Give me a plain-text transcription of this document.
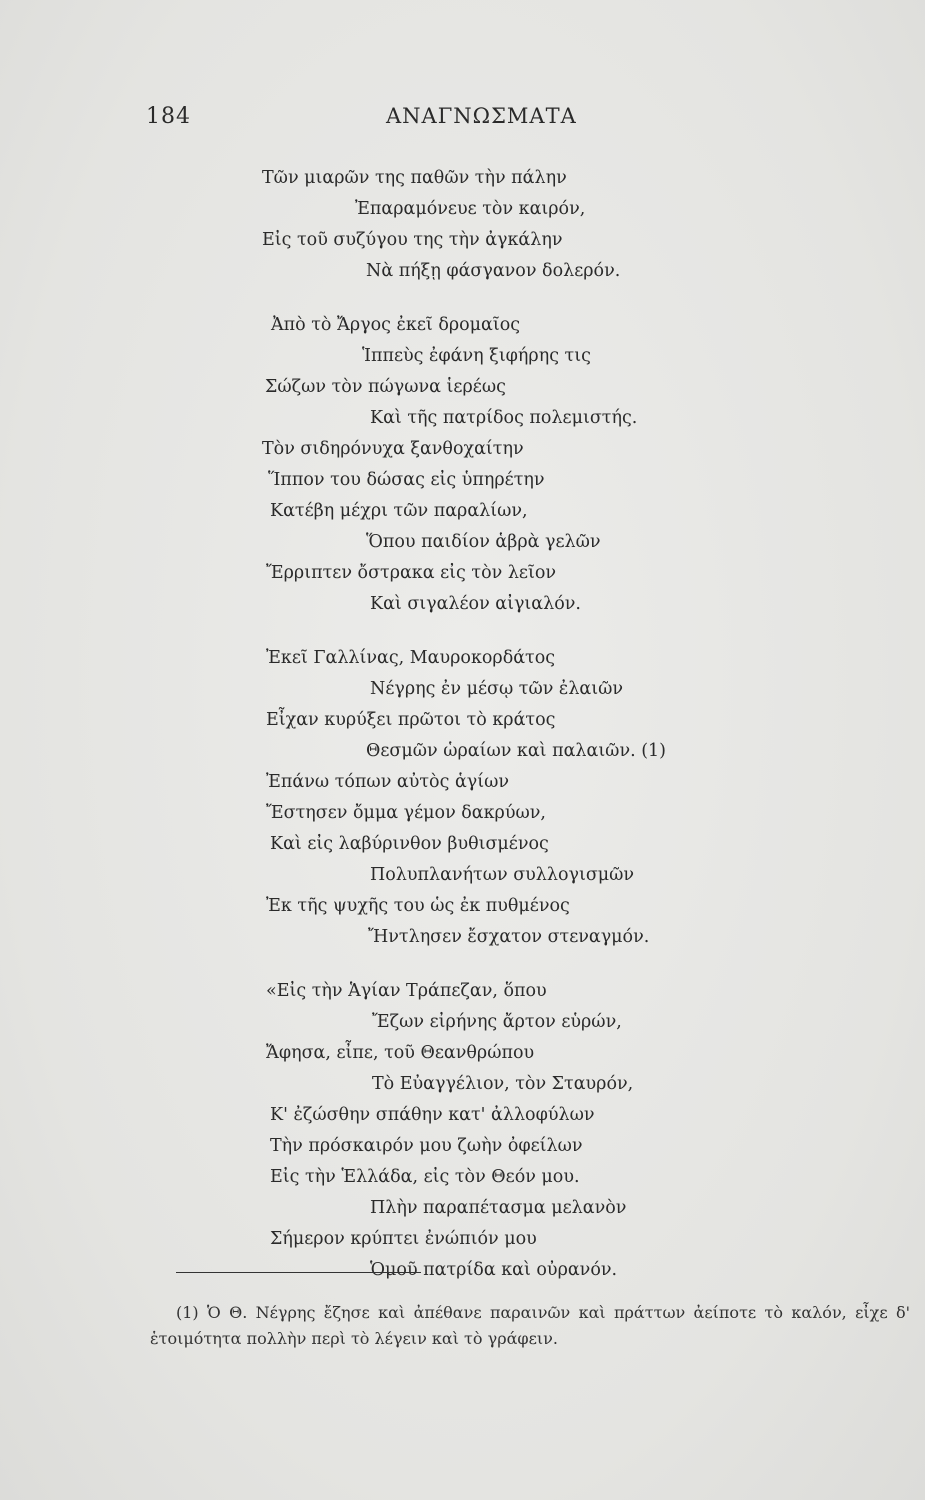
184	ΑΝΑΓΝΩΣΜΑΤΑ
Τῶν μιαρῶν της παθῶν τὴν πάλην
Ἐπαραμόνευε τὸν καιρόν,
Εἰς τοῦ συζύγου της τὴν ἀγκάλην
Νὰ πήξῃ φάσγανον δολερόν.
Ἀπὸ τὸ Ἄργος ἐκεῖ δρομαῖος
Ἱππεὺς ἐφάνη ξιφήρης τις
Σώζων τὸν πώγωνα ἱερέως
Καὶ τῆς πατρίδος πολεμιστής.
Τὸν σιδηρόνυχα ξανθοχαίτην
Ἵππον του δώσας εἰς ὑπηρέτην
Κατέβη μέχρι τῶν παραλίων,
Ὅπου παιδίον ἁβρὰ γελῶν
Ἔρριπτεν ὄστρακα εἰς τὸν λεῖον
Καὶ σιγαλέον αἰγιαλόν.
Ἐκεῖ Γαλλίνας, Μαυροκορδάτος
Νέγρης ἐν μέσῳ τῶν ἐλαιῶν
Εἶχαν κυρύξει πρῶτοι τὸ κράτος
Θεσμῶν ὡραίων καὶ παλαιῶν. (1)
Ἐπάνω τόπων αὐτὸς ἁγίων
Ἔστησεν ὄμμα γέμον δακρύων,
Καὶ εἰς λαβύρινθον βυθισμένος
Πολυπλανήτων συλλογισμῶν
Ἐκ τῆς ψυχῆς του ὡς ἐκ πυθμένος
Ἤντλησεν ἔσχατον στεναγμόν.
«Εἰς τὴν Ἁγίαν Τράπεζαν, ὅπου
Ἔζων εἰρήνης ἄρτον εὑρών,
Ἄφησα, εἶπε, τοῦ Θεανθρώπου
Τὸ Εὐαγγέλιον, τὸν Σταυρόν,
Κ' ἐζώσθην σπάθην κατ' ἀλλοφύλων
Τὴν πρόσκαιρόν μου ζωὴν ὀφείλων
Εἰς τὴν Ἑλλάδα, εἰς τὸν Θεόν μου.
Πλὴν παραπέτασμα μελανὸν
Σήμερον κρύπτει ἐνώπιόν μου
Ὁμοῦ πατρίδα καὶ οὐρανόν.

(1) Ὁ Θ. Νέγρης ἔζησε καὶ ἀπέθανε παραινῶν καὶ πράττων ἀείποτε τὸ καλόν, εἶχε δ' ἑτοιμότητα πολλὴν περὶ τὸ λέγειν καὶ τὸ γράφειν.
